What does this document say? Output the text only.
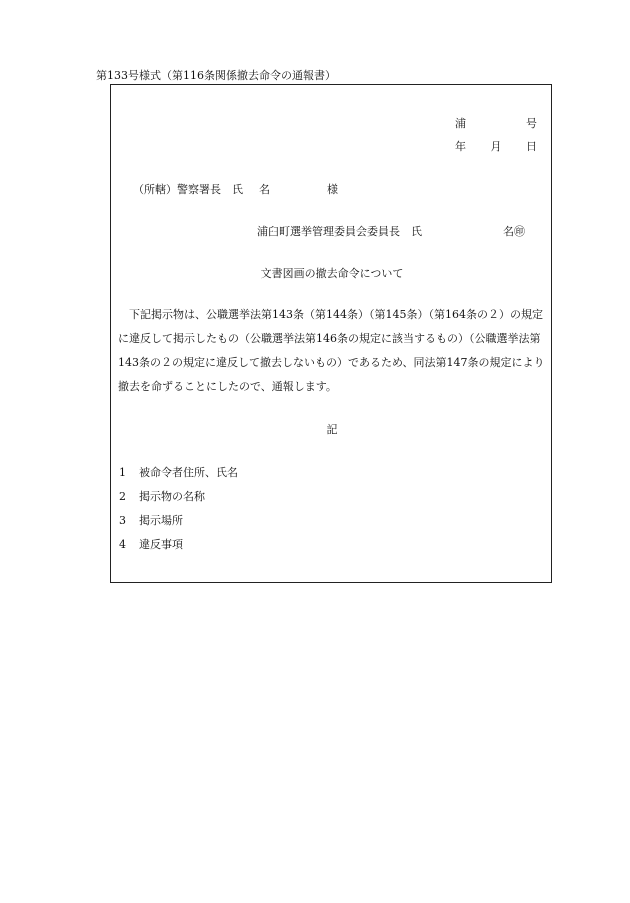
第133号様式（第116条関係撤去命令の通報書）
浦	号
年 月 日
（所轄）警察署長　氏	名	様
浦臼町選挙管理委員会委員長　氏	名㊞
文書図画の撤去命令について
下記掲示物は、公職選挙法第143条（第144条）（第145条）（第164条の２）の規定に違反して掲示したもの（公職選挙法第146条の規定に該当するもの）（公職選挙法第143条の２の規定に違反して撤去しないもの）であるため、同法第147条の規定により撤去を命ずることにしたので、通報します。
記
1 被命令者住所、氏名
2 掲示物の名称
3 掲示場所
4 違反事項
